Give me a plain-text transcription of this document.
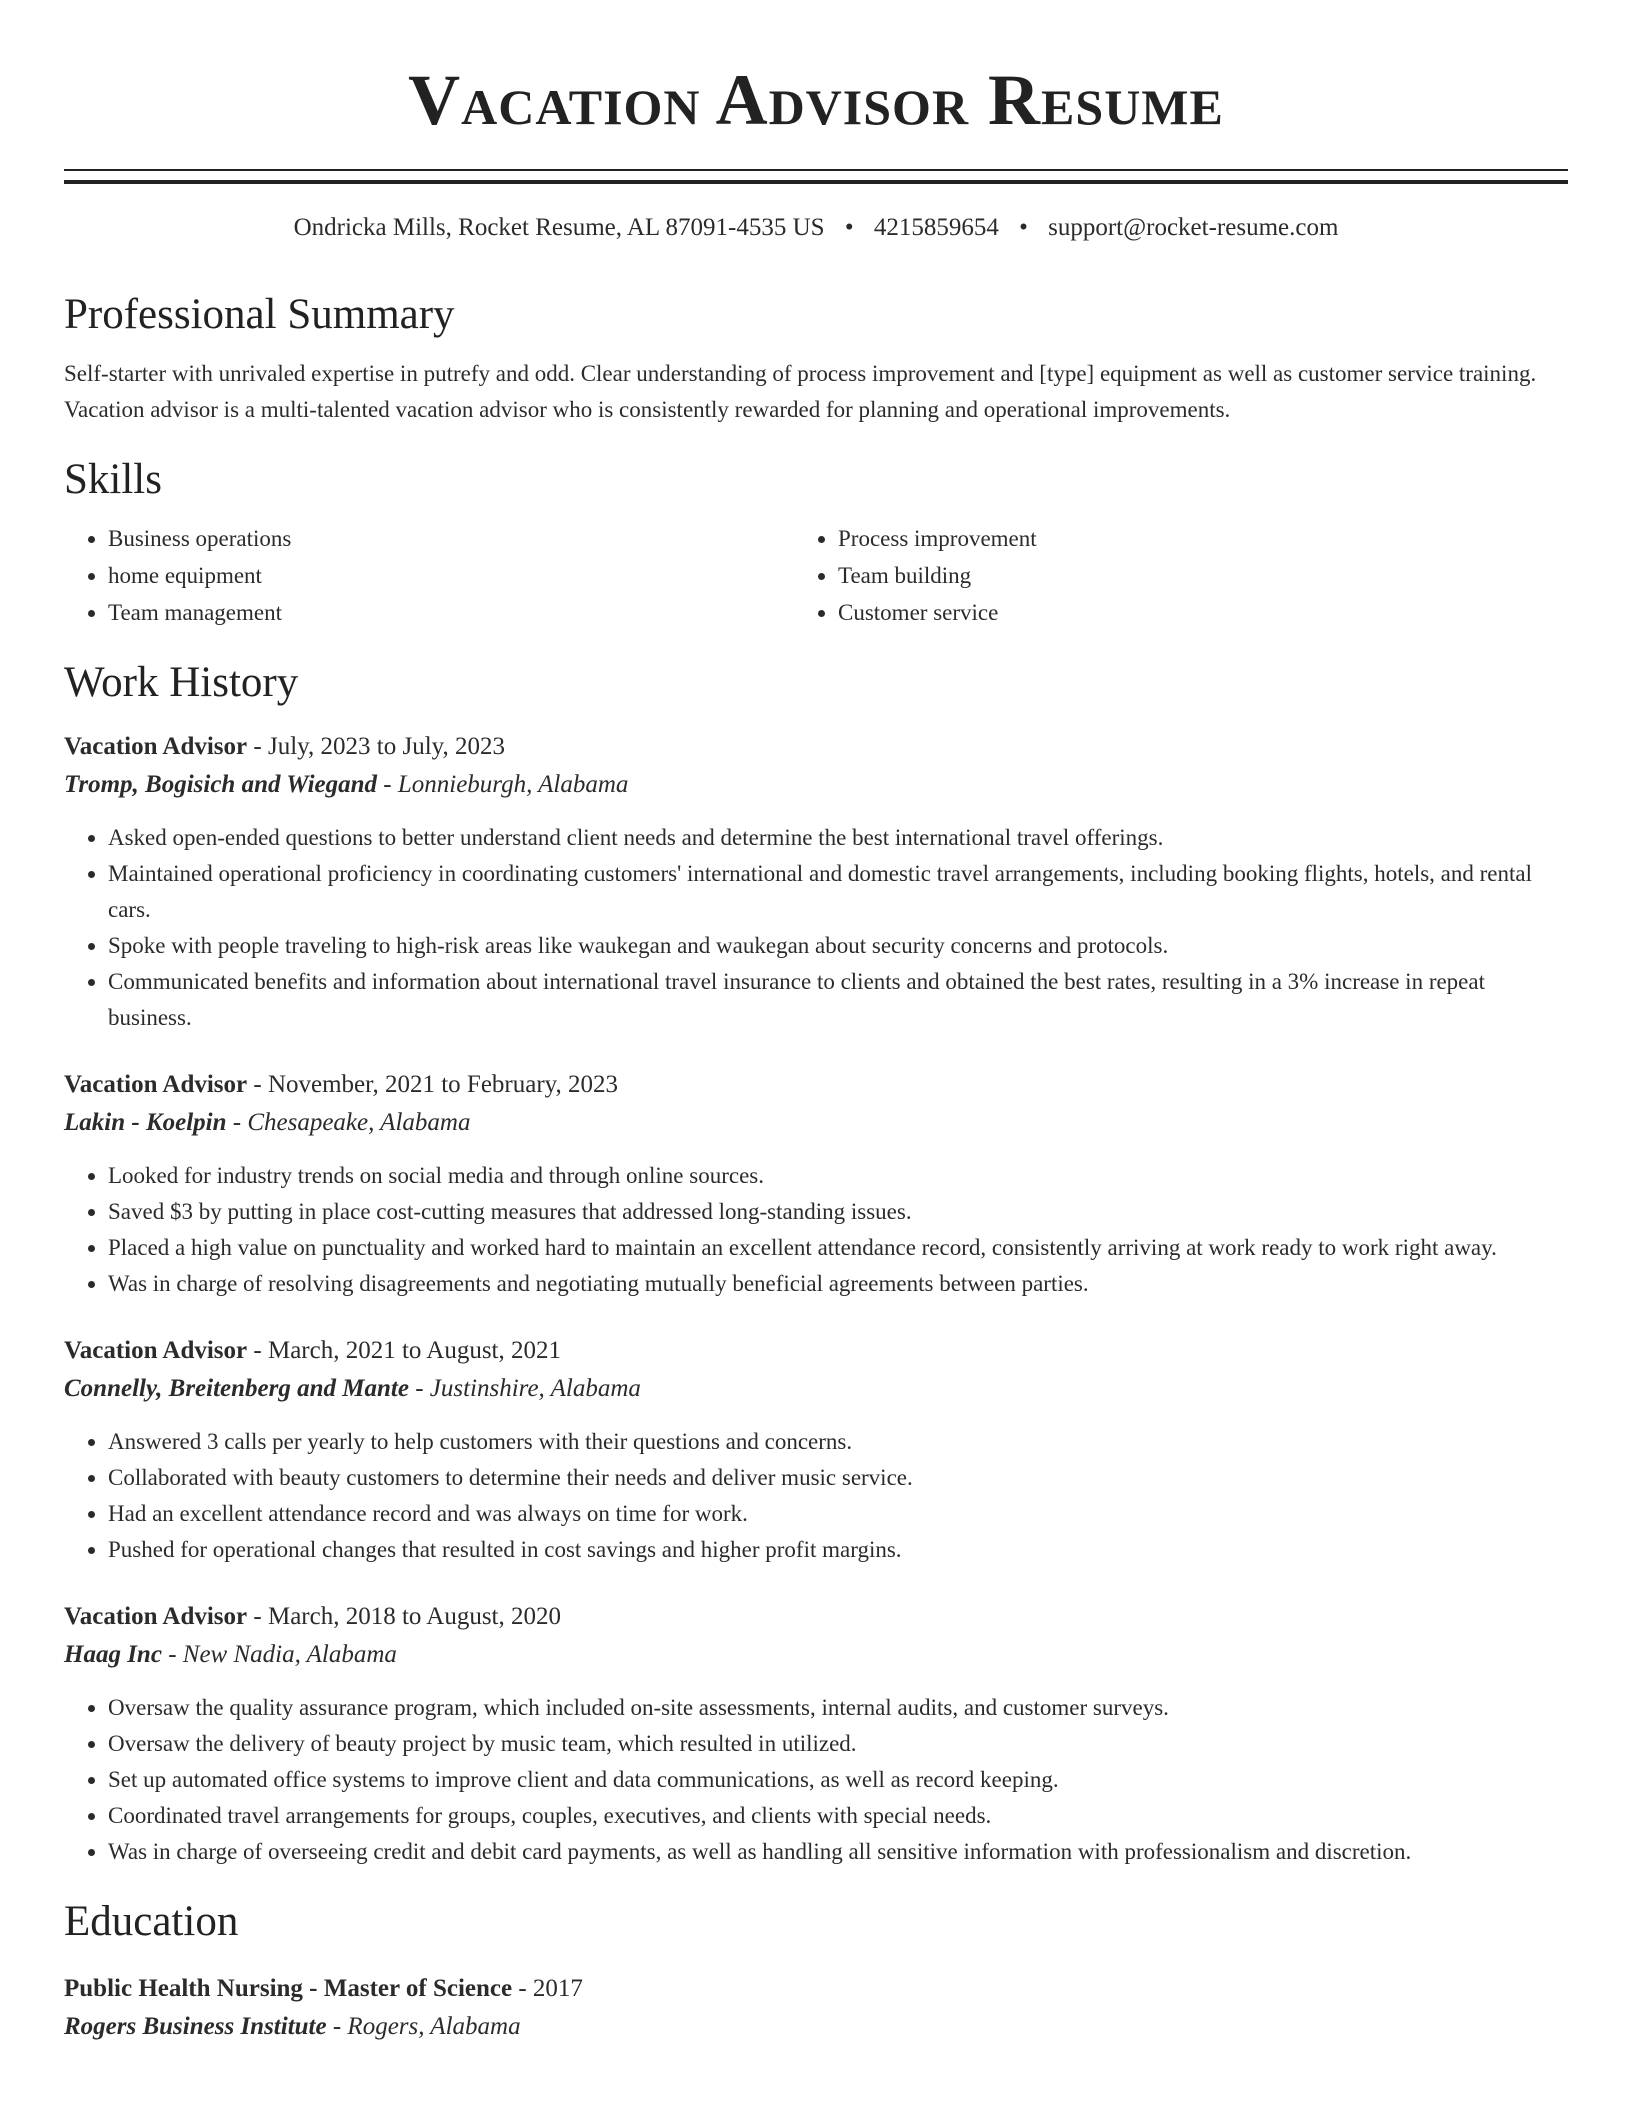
Vacation Advisor Resume
Ondricka Mills, Rocket Resume, AL 87091-4535 US • 4215859654 • support@rocket-resume.com
Professional Summary
Self-starter with unrivaled expertise in putrefy and odd. Clear understanding of process improvement and [type] equipment as well as customer service training. Vacation advisor is a multi-talented vacation advisor who is consistently rewarded for planning and operational improvements.
Skills
• Business operations
• home equipment
• Team management
• Process improvement
• Team building
• Customer service
Work History
Vacation Advisor - July, 2023 to July, 2023
Tromp, Bogisich and Wiegand - Lonnieburgh, Alabama
• Asked open-ended questions to better understand client needs and determine the best international travel offerings.
• Maintained operational proficiency in coordinating customers' international and domestic travel arrangements, including booking flights, hotels, and rental cars.
• Spoke with people traveling to high-risk areas like waukegan and waukegan about security concerns and protocols.
• Communicated benefits and information about international travel insurance to clients and obtained the best rates, resulting in a 3% increase in repeat business.
Vacation Advisor - November, 2021 to February, 2023
Lakin - Koelpin - Chesapeake, Alabama
• Looked for industry trends on social media and through online sources.
• Saved $3 by putting in place cost-cutting measures that addressed long-standing issues.
• Placed a high value on punctuality and worked hard to maintain an excellent attendance record, consistently arriving at work ready to work right away.
• Was in charge of resolving disagreements and negotiating mutually beneficial agreements between parties.
Vacation Advisor - March, 2021 to August, 2021
Connelly, Breitenberg and Mante - Justinshire, Alabama
• Answered 3 calls per yearly to help customers with their questions and concerns.
• Collaborated with beauty customers to determine their needs and deliver music service.
• Had an excellent attendance record and was always on time for work.
• Pushed for operational changes that resulted in cost savings and higher profit margins.
Vacation Advisor - March, 2018 to August, 2020
Haag Inc - New Nadia, Alabama
• Oversaw the quality assurance program, which included on-site assessments, internal audits, and customer surveys.
• Oversaw the delivery of beauty project by music team, which resulted in utilized.
• Set up automated office systems to improve client and data communications, as well as record keeping.
• Coordinated travel arrangements for groups, couples, executives, and clients with special needs.
• Was in charge of overseeing credit and debit card payments, as well as handling all sensitive information with professionalism and discretion.
Education
Public Health Nursing - Master of Science - 2017
Rogers Business Institute - Rogers, Alabama
